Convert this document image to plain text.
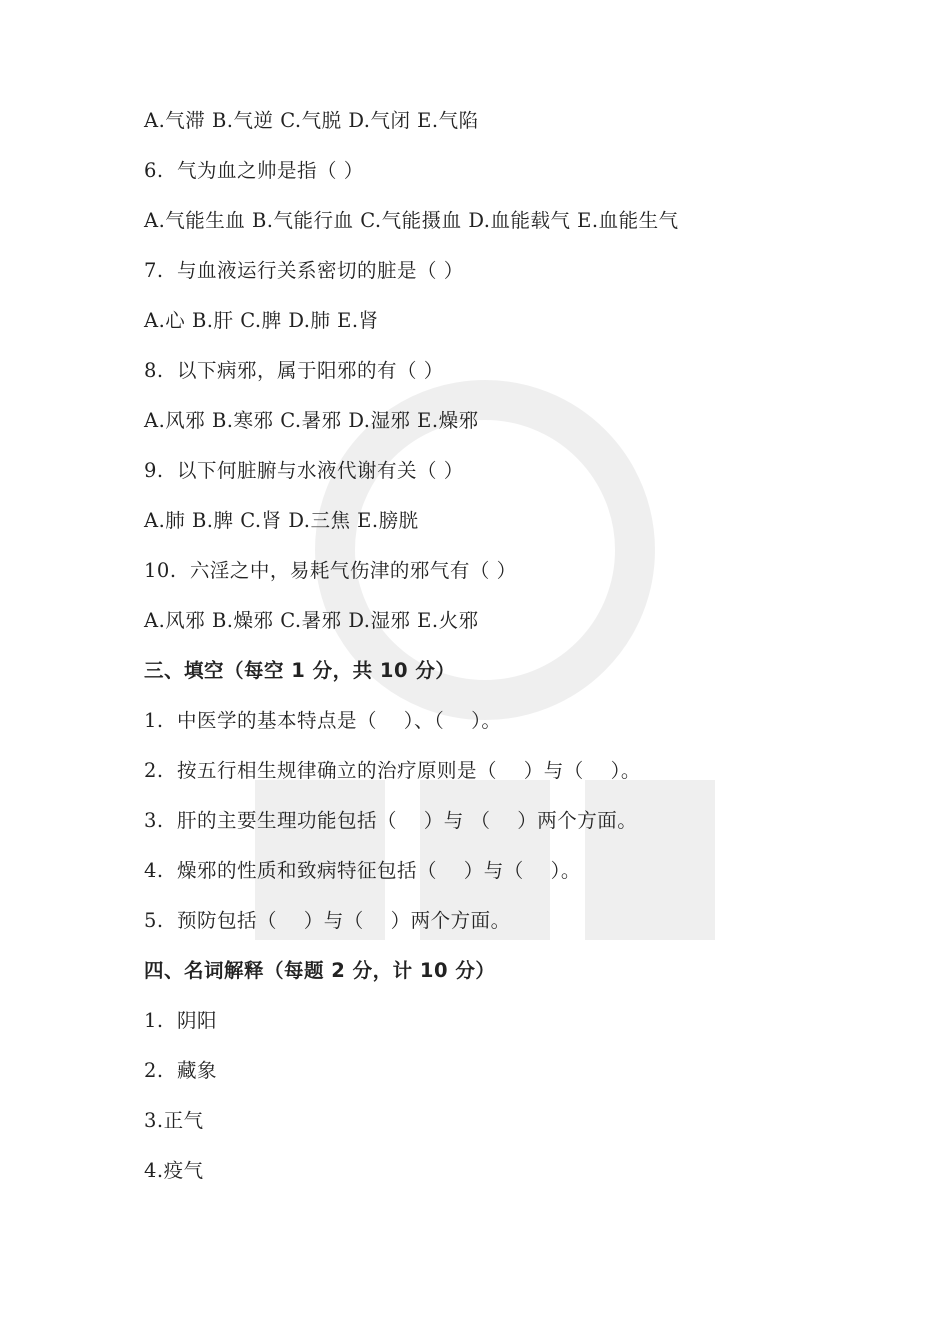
A.气滞 B.气逆 C.气脱 D.气闭 E.气陷
6.  气为血之帅是指（ ）
A.气能生血 B.气能行血 C.气能摄血 D.血能载气 E.血能生气
7.  与血液运行关系密切的脏是（ ）
A.心 B.肝 C.脾 D.肺 E.肾
8.  以下病邪，属于阳邪的有（ ）
A.风邪 B.寒邪 C.暑邪 D.湿邪 E.燥邪
9.  以下何脏腑与水液代谢有关（ ）
A.肺 B.脾 C.肾 D.三焦 E.膀胱
10.  六淫之中，易耗气伤津的邪气有（ ）
A.风邪 B.燥邪 C.暑邪 D.湿邪 E.火邪
三、填空（每空 1 分，共 10 分）
1.  中医学的基本特点是（    ）、（    ）。
2.  按五行相生规律确立的治疗原则是（    ）与（    ）。
3.  肝的主要生理功能包括（    ）与 （    ）两个方面。
4.  燥邪的性质和致病特征包括（    ）与（    ）。
5.  预防包括（    ）与（    ）两个方面。
四、名词解释（每题 2 分，计 10 分）
1.  阴阳
2.  藏象
3.正气
4.疫气
